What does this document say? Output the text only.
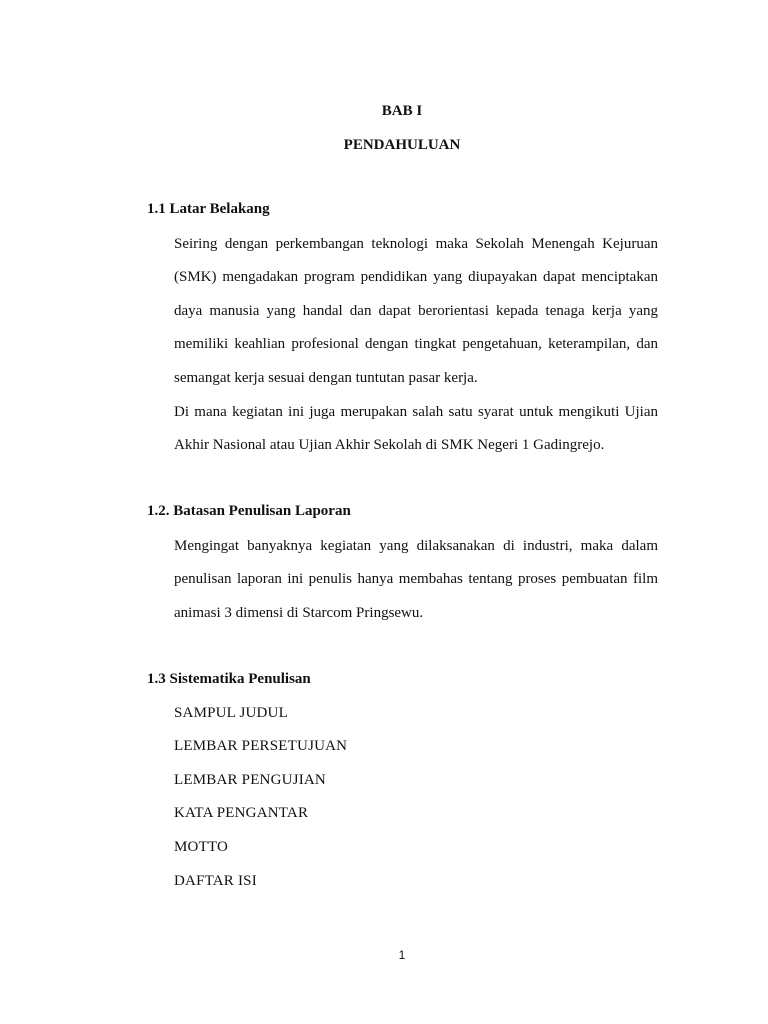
BAB I
PENDAHULUAN
1.1 Latar Belakang
Seiring dengan perkembangan teknologi maka Sekolah Menengah Kejuruan
(SMK) mengadakan program pendidikan yang diupayakan dapat menciptakan
daya manusia yang handal dan dapat berorientasi kepada tenaga kerja yang
memiliki keahlian profesional dengan tingkat pengetahuan, keterampilan, dan
semangat kerja sesuai dengan tuntutan pasar kerja.
Di mana kegiatan ini juga merupakan salah satu syarat untuk mengikuti Ujian
Akhir Nasional atau Ujian Akhir Sekolah di SMK Negeri 1 Gadingrejo.
1.2. Batasan Penulisan Laporan
Mengingat banyaknya kegiatan yang dilaksanakan di industri, maka dalam
penulisan laporan ini penulis hanya membahas tentang proses pembuatan film
animasi 3 dimensi di Starcom Pringsewu.
1.3 Sistematika Penulisan
SAMPUL JUDUL
LEMBAR PERSETUJUAN
LEMBAR PENGUJIAN
KATA PENGANTAR
MOTTO
DAFTAR ISI
1
